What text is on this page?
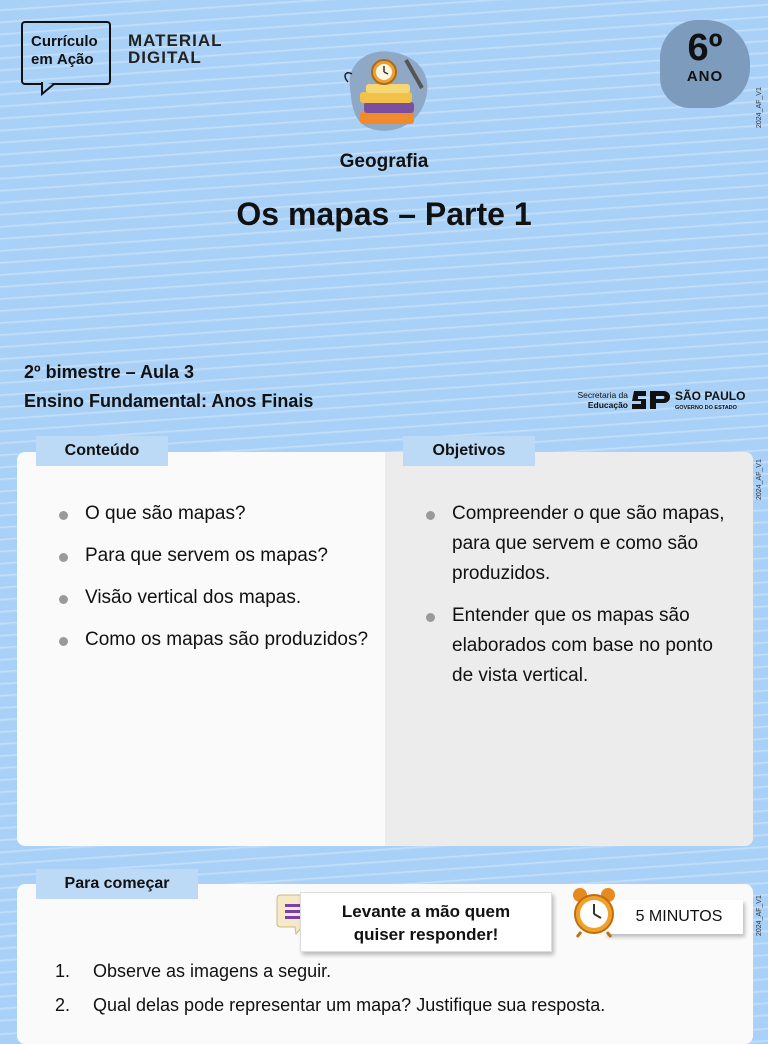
Currículo
em Ação
MATERIAL
DIGITAL	6º
ANO
2024_AF_V1
2024_AF_V1
2024_AF_V1
Geografia
Os mapas – Parte 1
2º bimestre – Aula 3
Ensino Fundamental: Anos Finais	Secretaria da
Educação
SÃO PAULO
GOVERNO DO ESTADO
Conteúdo	Objetivos
O que são mapas?
Para que servem os mapas?
Visão vertical dos mapas.
Como os mapas são produzidos?
Compreender o que são mapas, para que servem e como são produzidos.
Entender que os mapas são elaborados com base no ponto de vista vertical.
Para começar
Levante a mão quem
quiser responder!
5 MINUTOS
1. Observe as imagens a seguir.
2. Qual delas pode representar um mapa? Justifique sua resposta.
